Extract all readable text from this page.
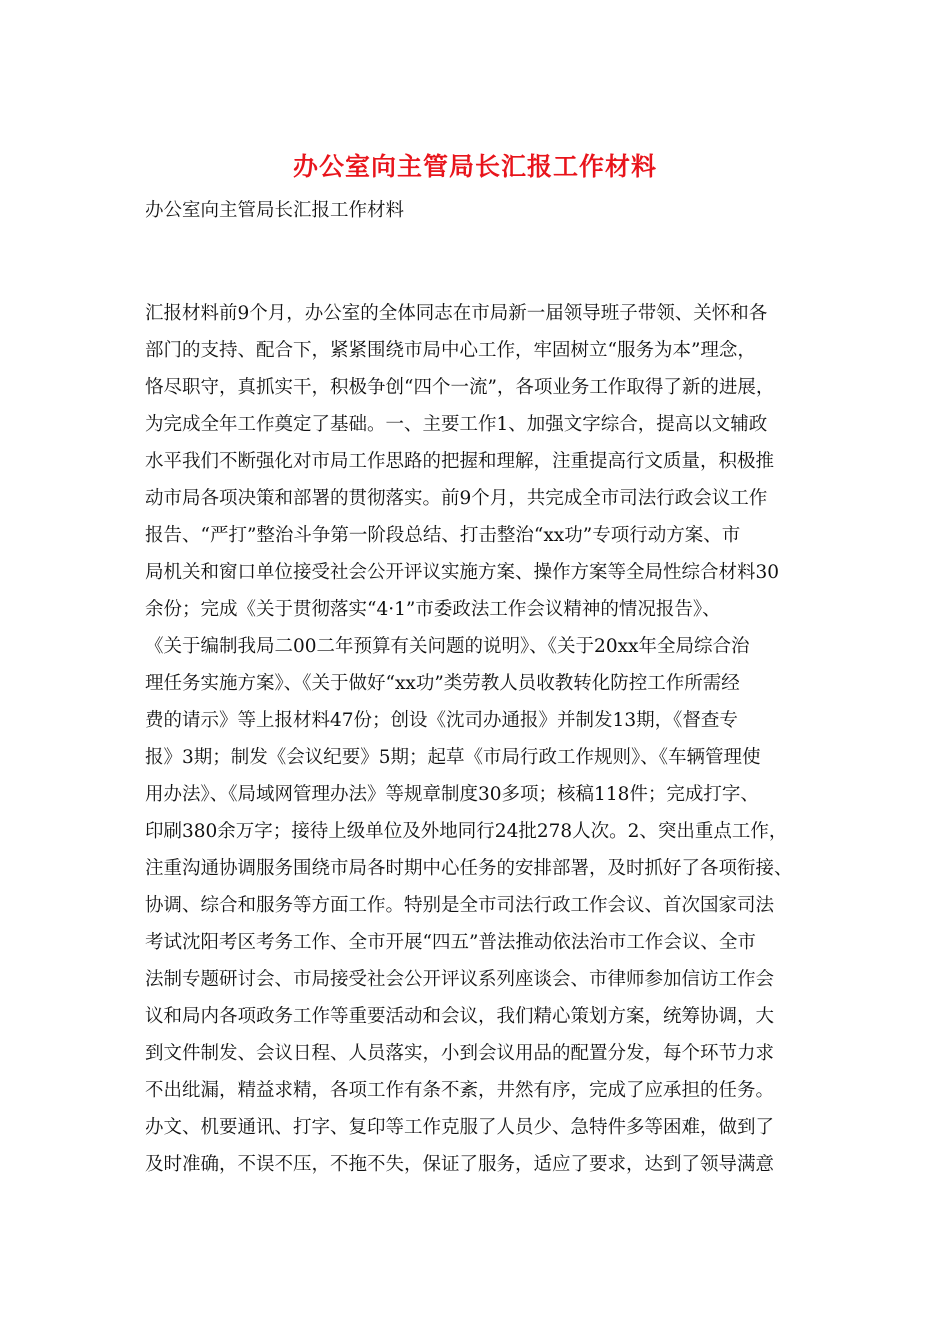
办公室向主管局长汇报工作材料

办公室向主管局长汇报工作材料

汇报材料前9个月，办公室的全体同志在市局新一届领导班子带领、关怀和各
部门的支持、配合下，紧紧围绕市局中心工作，牢固树立“服务为本”理念，
恪尽职守，真抓实干，积极争创“四个一流”，各项业务工作取得了新的进展，
为完成全年工作奠定了基础。一、主要工作1、加强文字综合，提高以文辅政
水平我们不断强化对市局工作思路的把握和理解，注重提高行文质量，积极推
动市局各项决策和部署的贯彻落实。前9个月，共完成全市司法行政会议工作
报告、“严打”整治斗争第一阶段总结、打击整治“xx功”专项行动方案、市
局机关和窗口单位接受社会公开评议实施方案、操作方案等全局性综合材料30
余份；完成《关于贯彻落实“4·1”市委政法工作会议精神的情况报告》、
《关于编制我局二00二年预算有关问题的说明》、《关于20xx年全局综合治
理任务实施方案》、《关于做好“xx功”类劳教人员收教转化防控工作所需经
费的请示》等上报材料47份；创设《沈司办通报》并制发13期，《督查专
报》3期；制发《会议纪要》5期；起草《市局行政工作规则》、《车辆管理使
用办法》、《局域网管理办法》等规章制度30多项；核稿118件；完成打字、
印刷380余万字；接待上级单位及外地同行24批278人次。2、突出重点工作，
注重沟通协调服务围绕市局各时期中心任务的安排部署，及时抓好了各项衔接、
协调、综合和服务等方面工作。特别是全市司法行政工作会议、首次国家司法
考试沈阳考区考务工作、全市开展“四五”普法推动依法治市工作会议、全市
法制专题研讨会、市局接受社会公开评议系列座谈会、市律师参加信访工作会
议和局内各项政务工作等重要活动和会议，我们精心策划方案，统筹协调，大
到文件制发、会议日程、人员落实，小到会议用品的配置分发，每个环节力求
不出纰漏，精益求精，各项工作有条不紊，井然有序，完成了应承担的任务。
办文、机要通讯、打字、复印等工作克服了人员少、急特件多等困难，做到了
及时准确，不误不压，不拖不失，保证了服务，适应了要求，达到了领导满意
